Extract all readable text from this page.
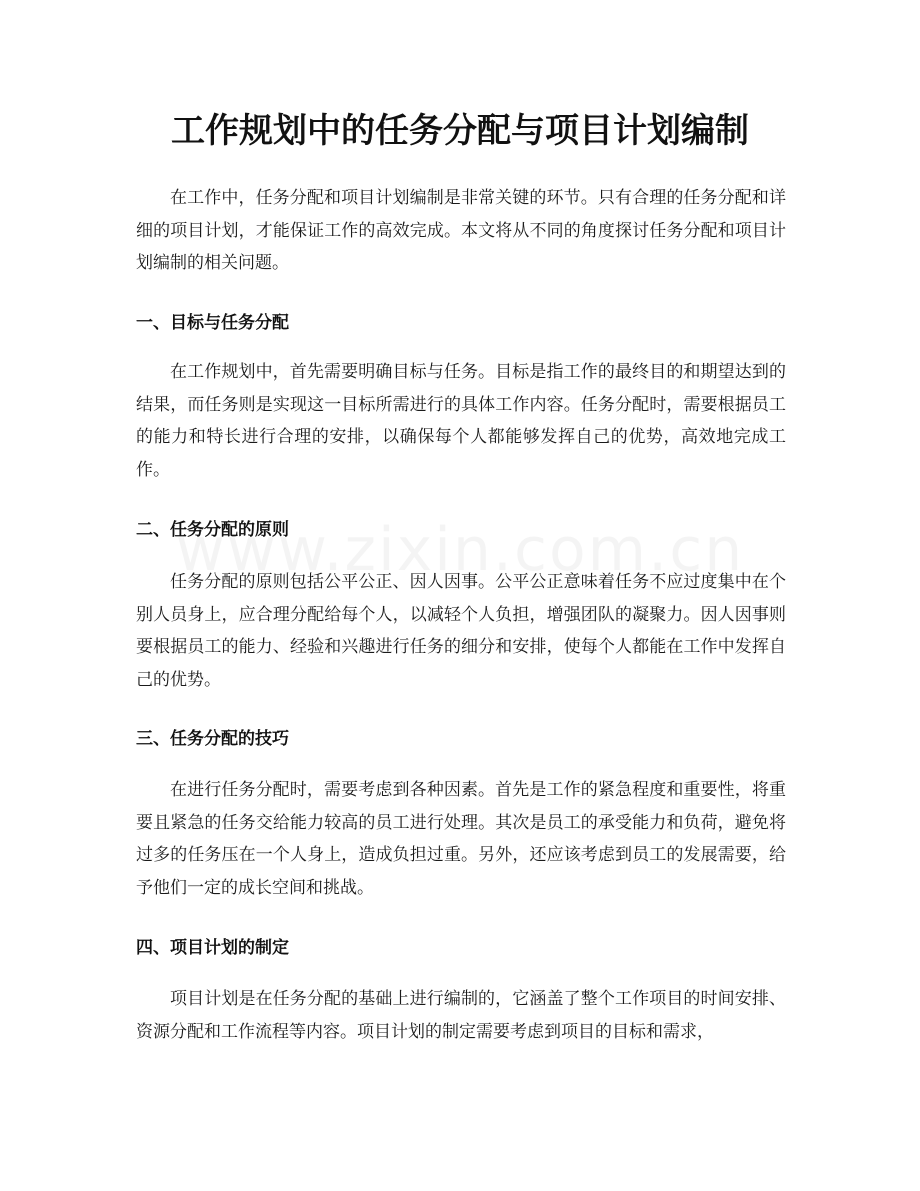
工作规划中的任务分配与项目计划编制

在工作中，任务分配和项目计划编制是非常关键的环节。只有合理的任务分配和详细的项目计划，才能保证工作的高效完成。本文将从不同的角度探讨任务分配和项目计划编制的相关问题。

一、目标与任务分配

在工作规划中，首先需要明确目标与任务。目标是指工作的最终目的和期望达到的结果，而任务则是实现这一目标所需进行的具体工作内容。任务分配时，需要根据员工的能力和特长进行合理的安排，以确保每个人都能够发挥自己的优势，高效地完成工作。

二、任务分配的原则

任务分配的原则包括公平公正、因人因事。公平公正意味着任务不应过度集中在个别人员身上，应合理分配给每个人，以减轻个人负担，增强团队的凝聚力。因人因事则要根据员工的能力、经验和兴趣进行任务的细分和安排，使每个人都能在工作中发挥自己的优势。

三、任务分配的技巧

在进行任务分配时，需要考虑到各种因素。首先是工作的紧急程度和重要性，将重要且紧急的任务交给能力较高的员工进行处理。其次是员工的承受能力和负荷，避免将过多的任务压在一个人身上，造成负担过重。另外，还应该考虑到员工的发展需要，给予他们一定的成长空间和挑战。

四、项目计划的制定

项目计划是在任务分配的基础上进行编制的，它涵盖了整个工作项目的时间安排、资源分配和工作流程等内容。项目计划的制定需要考虑到项目的目标和需求，
